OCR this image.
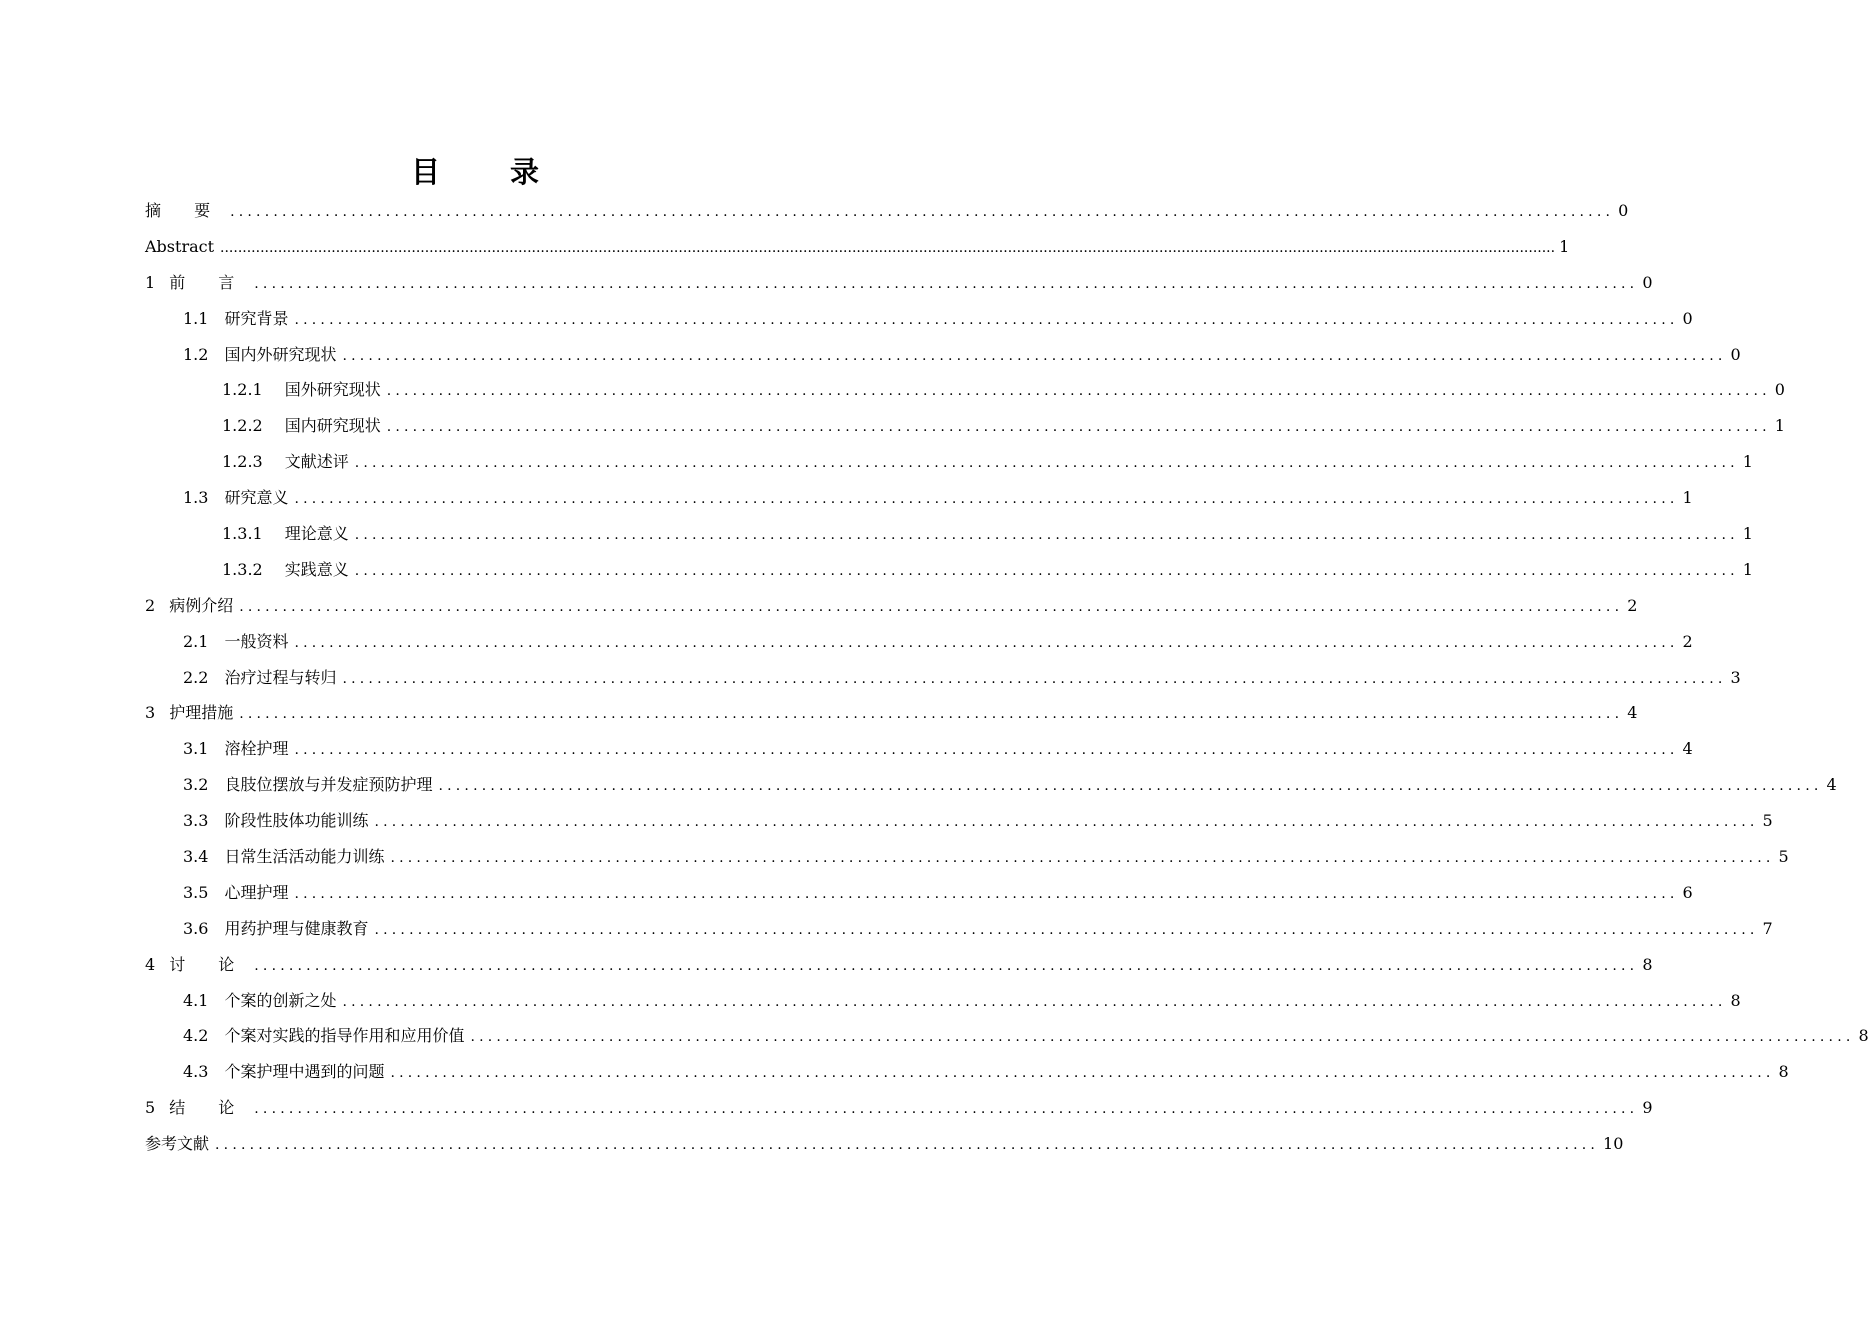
目 录
摘 要 ................................................................................................................................................................ 0
Abstract ............................................................................................................................................................................................................................................................................................................ 1
1 前 言 ................................................................................................................................................................ 0
1.1 研究背景 ................................................................................................................................................................ 0
1.2 国内外研究现状 ................................................................................................................................................................ 0
1.2.1 国外研究现状 ................................................................................................................................................................ 0
1.2.2 国内研究现状 ................................................................................................................................................................ 1
1.2.3 文献述评 ................................................................................................................................................................ 1
1.3 研究意义 ................................................................................................................................................................ 1
1.3.1 理论意义 ................................................................................................................................................................ 1
1.3.2 实践意义 ................................................................................................................................................................ 1
2 病例介绍 ................................................................................................................................................................ 2
2.1 一般资料 ................................................................................................................................................................ 2
2.2 治疗过程与转归 ................................................................................................................................................................ 3
3 护理措施 ................................................................................................................................................................ 4
3.1 溶栓护理 ................................................................................................................................................................ 4
3.2 良肢位摆放与并发症预防护理 ................................................................................................................................................................ 4
3.3 阶段性肢体功能训练 ................................................................................................................................................................ 5
3.4 日常生活活动能力训练 ................................................................................................................................................................ 5
3.5 心理护理 ................................................................................................................................................................ 6
3.6 用药护理与健康教育 ................................................................................................................................................................ 7
4 讨 论 ................................................................................................................................................................ 8
4.1 个案的创新之处 ................................................................................................................................................................ 8
4.2 个案对实践的指导作用和应用价值 ................................................................................................................................................................ 8
4.3 个案护理中遇到的问题 ................................................................................................................................................................ 8
5 结 论 ................................................................................................................................................................ 9
参考文献 ................................................................................................................................................................ 10
